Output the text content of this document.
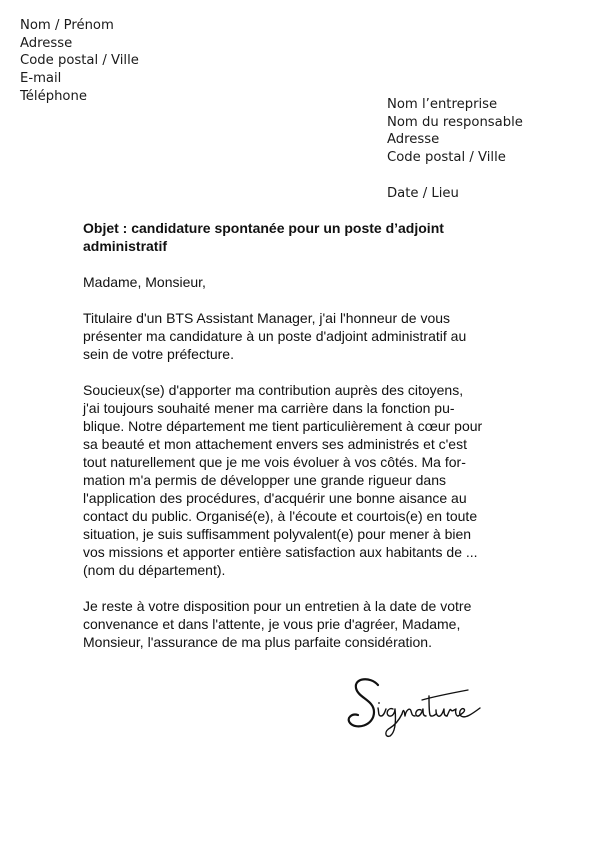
Nom / Prénom
Adresse
Code postal / Ville
E-mail
Téléphone
Nom l’entreprise
Nom du responsable
Adresse
Code postal / Ville
Date / Lieu
Objet : candidature spontanée pour un poste d’adjoint
administratif
Madame, Monsieur,
Titulaire d'un BTS Assistant Manager, j'ai l'honneur de vous
présenter ma candidature à un poste d'adjoint administratif au
sein de votre préfecture.
Soucieux(se) d'apporter ma contribution auprès des citoyens,
j'ai toujours souhaité mener ma carrière dans la fonction pu-
blique. Notre département me tient particulièrement à cœur pour
sa beauté et mon attachement envers ses administrés et c'est
tout naturellement que je me vois évoluer à vos côtés. Ma for-
mation m'a permis de développer une grande rigueur dans
l'application des procédures, d'acquérir une bonne aisance au
contact du public. Organisé(e), à l'écoute et courtois(e) en toute
situation, je suis suffisamment polyvalent(e) pour mener à bien
vos missions et apporter entière satisfaction aux habitants de ...
(nom du département).
Je reste à votre disposition pour un entretien à la date de votre
convenance et dans l'attente, je vous prie d'agréer, Madame,
Monsieur, l'assurance de ma plus parfaite considération.
